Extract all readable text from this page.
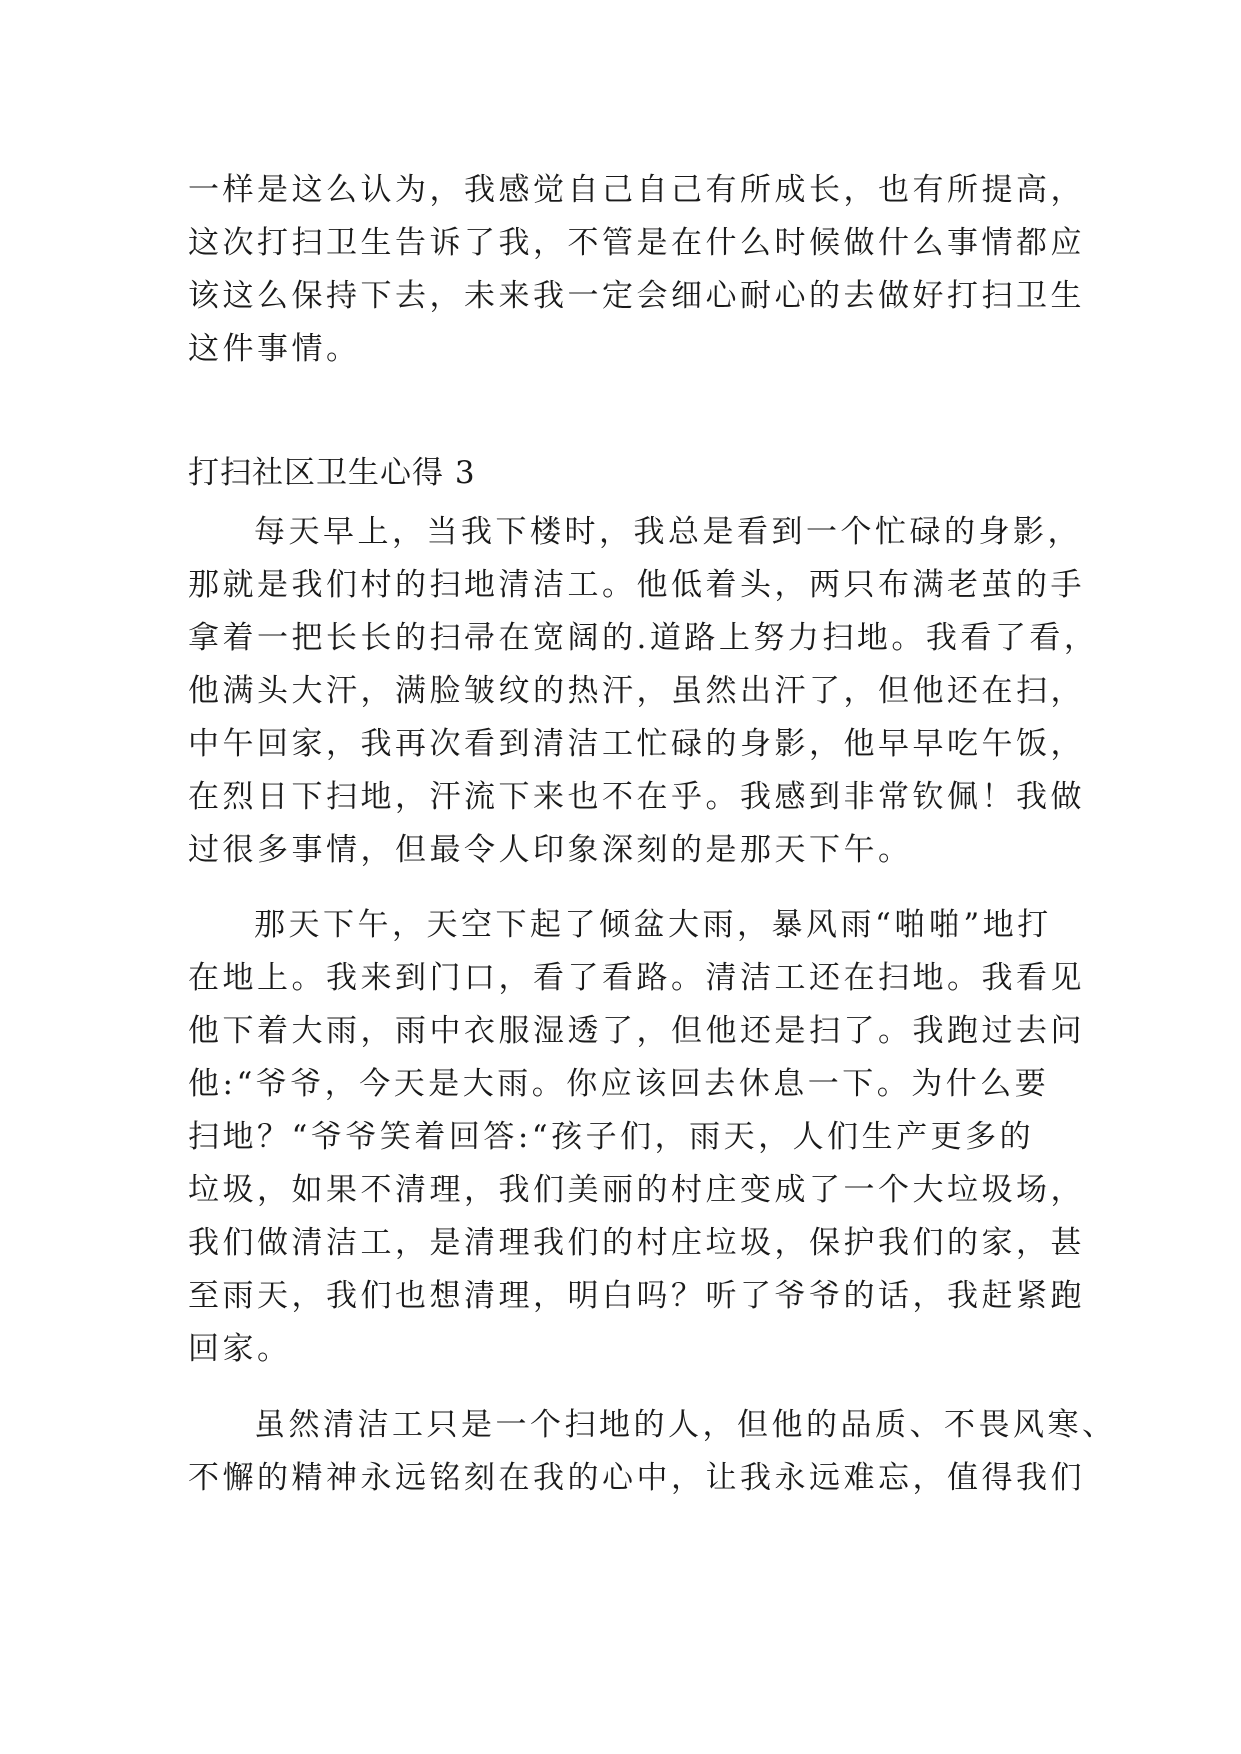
一样是这么认为，我感觉自己自己有所成长，也有所提高，
这次打扫卫生告诉了我，不管是在什么时候做什么事情都应
该这么保持下去，未来我一定会细心耐心的去做好打扫卫生
这件事情。
打扫社区卫生心得 3
每天早上，当我下楼时，我总是看到一个忙碌的身影，
那就是我们村的扫地清洁工。他低着头，两只布满老茧的手
拿着一把长长的扫帚在宽阔的.道路上努力扫地。我看了看，
他满头大汗，满脸皱纹的热汗，虽然出汗了，但他还在扫，
中午回家，我再次看到清洁工忙碌的身影，他早早吃午饭，
在烈日下扫地，汗流下来也不在乎。我感到非常钦佩！我做
过很多事情，但最令人印象深刻的是那天下午。
那天下午，天空下起了倾盆大雨，暴风雨“啪啪”地打
在地上。我来到门口，看了看路。清洁工还在扫地。我看见
他下着大雨，雨中衣服湿透了，但他还是扫了。我跑过去问
他:“爷爷，今天是大雨。你应该回去休息一下。为什么要
扫地？“爷爷笑着回答:“孩子们，雨天，人们生产更多的
垃圾，如果不清理，我们美丽的村庄变成了一个大垃圾场，
我们做清洁工，是清理我们的村庄垃圾，保护我们的家，甚
至雨天，我们也想清理，明白吗？听了爷爷的话，我赶紧跑
回家。
虽然清洁工只是一个扫地的人，但他的品质、不畏风寒、
不懈的精神永远铭刻在我的心中，让我永远难忘，值得我们
